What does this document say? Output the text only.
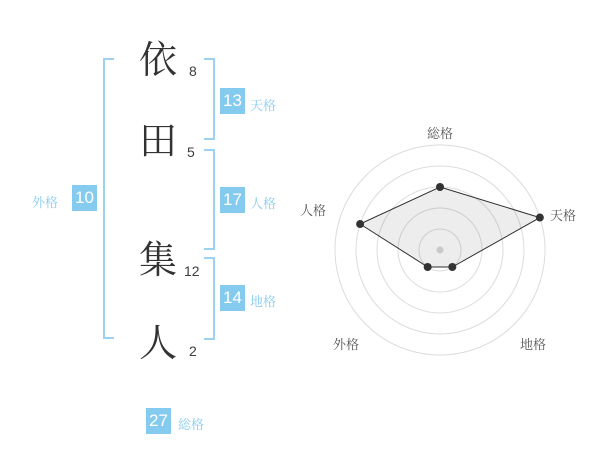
依 8
田 5
集 12
人 2
13 天格
17 人格
14 地格
外格 10
27 総格
総格
天格
地格
外格
人格
